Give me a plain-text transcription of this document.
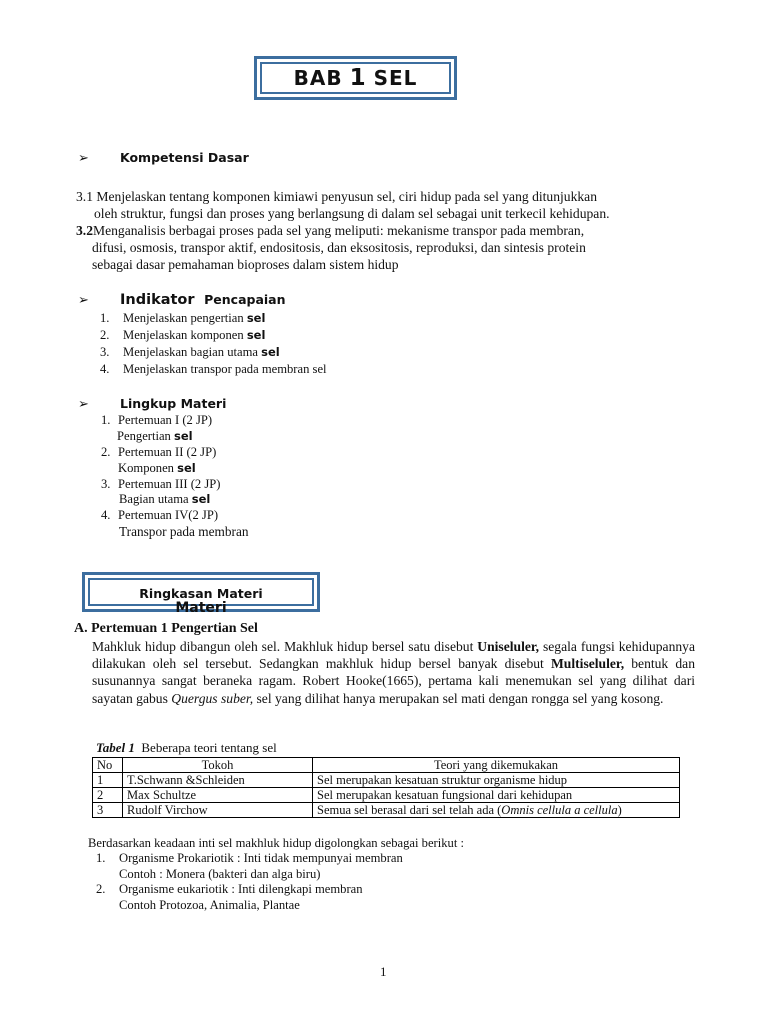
BAB 1 SEL
➢ Kompetensi Dasar
3.1 Menjelaskan tentang komponen kimiawi penyusun sel, ciri hidup pada sel yang ditunjukkan
oleh struktur, fungsi dan proses yang berlangsung di dalam sel sebagai unit terkecil kehidupan.
3.2Menganalisis berbagai proses pada sel yang meliputi: mekanisme transpor pada membran,
difusi, osmosis, transpor aktif, endositosis, dan eksositosis, reproduksi, dan sintesis protein
sebagai dasar pemahaman bioproses dalam sistem hidup
➢ Indikator Pencapaian
1. Menjelaskan pengertian sel
2. Menjelaskan komponen sel
3. Menjelaskan bagian utama sel
4. Menjelaskan transpor pada membran sel
➢ Lingkup Materi
1. Pertemuan I (2 JP)
Pengertian sel
2. Pertemuan II (2 JP)
Komponen sel
3. Pertemuan III (2 JP)
Bagian utama sel
4. Pertemuan IV(2 JP)
Transpor pada membran
Ringkasan Materi
Materi
A. Pertemuan 1 Pengertian Sel
Mahkluk hidup dibangun oleh sel. Makhluk hidup bersel satu disebut Uniseluler, segala fungsi kehidupannya dilakukan oleh sel tersebut. Sedangkan makhluk hidup bersel banyak disebut Multiseluler, bentuk dan susunannya sangat beraneka ragam. Robert Hooke(1665), pertama kali menemukan sel yang dilihat dari sayatan gabus Quergus suber, sel yang dilihat hanya merupakan sel mati dengan rongga sel yang kosong.
Tabel 1 Beberapa teori tentang sel
No	Tokoh	Teori yang dikemukakan
1	T.Schwann &Schleiden	Sel merupakan kesatuan struktur organisme hidup
2	Max Schultze	Sel merupakan kesatuan fungsional dari kehidupan
3	Rudolf Virchow	Semua sel berasal dari sel telah ada (Omnis cellula a cellula)
Berdasarkan keadaan inti sel makhluk hidup digolongkan sebagai berikut :
1. Organisme Prokariotik : Inti tidak mempunyai membran
Contoh : Monera (bakteri dan alga biru)
2. Organisme eukariotik : Inti dilengkapi membran
Contoh Protozoa, Animalia, Plantae
1
